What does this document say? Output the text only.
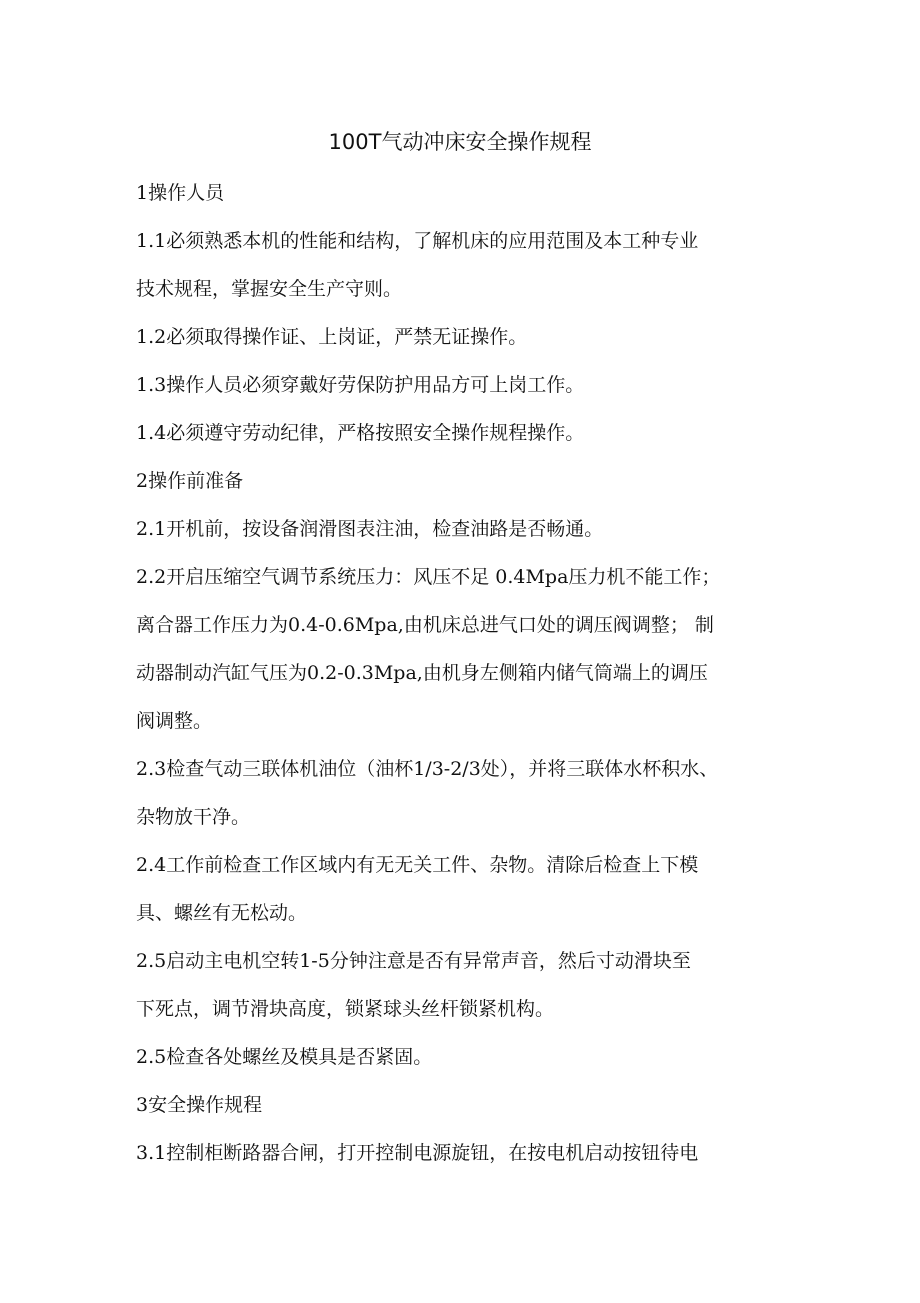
100T气动冲床安全操作规程
1操作人员
1.1必须熟悉本机的性能和结构，了解机床的应用范围及本工种专业
技术规程，掌握安全生产守则。
1.2必须取得操作证、上岗证，严禁无证操作。
1.3操作人员必须穿戴好劳保防护用品方可上岗工作。
1.4必须遵守劳动纪律，严格按照安全操作规程操作。
2操作前准备
2.1开机前，按设备润滑图表注油，检查油路是否畅通。
2.2开启压缩空气调节系统压力：风压不足 0.4Mpa压力机不能工作；
离合器工作压力为0.4-0.6Mpa,由机床总进气口处的调压阀调整； 制
动器制动汽缸气压为0.2-0.3Mpa,由机身左侧箱内储气筒端上的调压
阀调整。
2.3检查气动三联体机油位（油杯1/3-2/3处），并将三联体水杯积水、
杂物放干净。
2.4工作前检查工作区域内有无无关工件、杂物。清除后检查上下模
具、螺丝有无松动。
2.5启动主电机空转1-5分钟注意是否有异常声音，然后寸动滑块至
下死点，调节滑块高度，锁紧球头丝杆锁紧机构。
2.5检查各处螺丝及模具是否紧固。
3安全操作规程
3.1控制柜断路器合闸，打开控制电源旋钮，在按电机启动按钮待电
